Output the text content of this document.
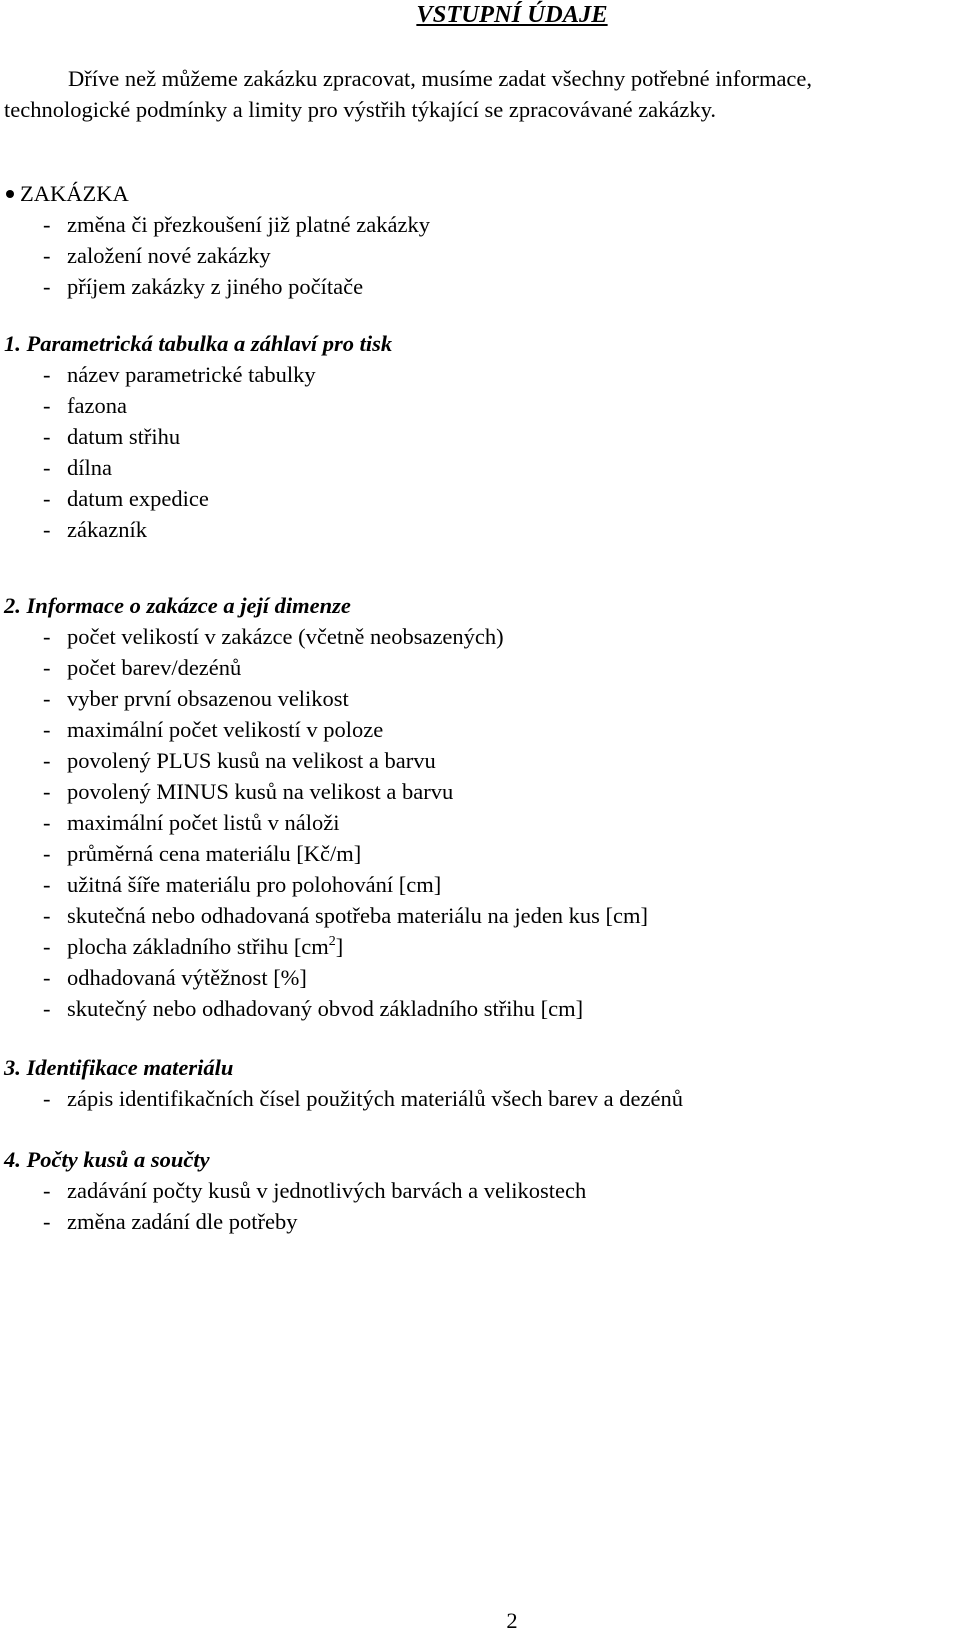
VSTUPNÍ ÚDAJE
Dříve než můžeme zakázku zpracovat, musíme zadat všechny potřebné informace,
technologické podmínky a limity pro výstřih týkající se zpracovávané zakázky.
ZAKÁZKA
- změna či přezkoušení již platné zakázky
- založení nové zakázky
- příjem zakázky z jiného počítače
1. Parametrická tabulka a záhlaví pro tisk
- název parametrické tabulky
- fazona
- datum střihu
- dílna
- datum expedice
- zákazník
2. Informace o zakázce a její dimenze
- počet velikostí v zakázce (včetně neobsazených)
- počet barev/dezénů
- vyber první obsazenou velikost
- maximální počet velikostí v poloze
- povolený PLUS kusů na velikost a barvu
- povolený MINUS kusů na velikost a barvu
- maximální počet listů v náloži
- průměrná cena materiálu [Kč/m]
- užitná šíře materiálu pro polohování [cm]
- skutečná nebo odhadovaná spotřeba materiálu na jeden kus [cm]
- plocha základního střihu $[cm^2]$
- odhadovaná výtěžnost [%]
- skutečný nebo odhadovaný obvod základního střihu [cm]
3. Identifikace materiálu
- zápis identifikačních čísel použitých materiálů všech barev a dezénů
4. Počty kusů a součty
- zadávání počty kusů v jednotlivých barvách a velikostech
- změna zadání dle potřeby
2
